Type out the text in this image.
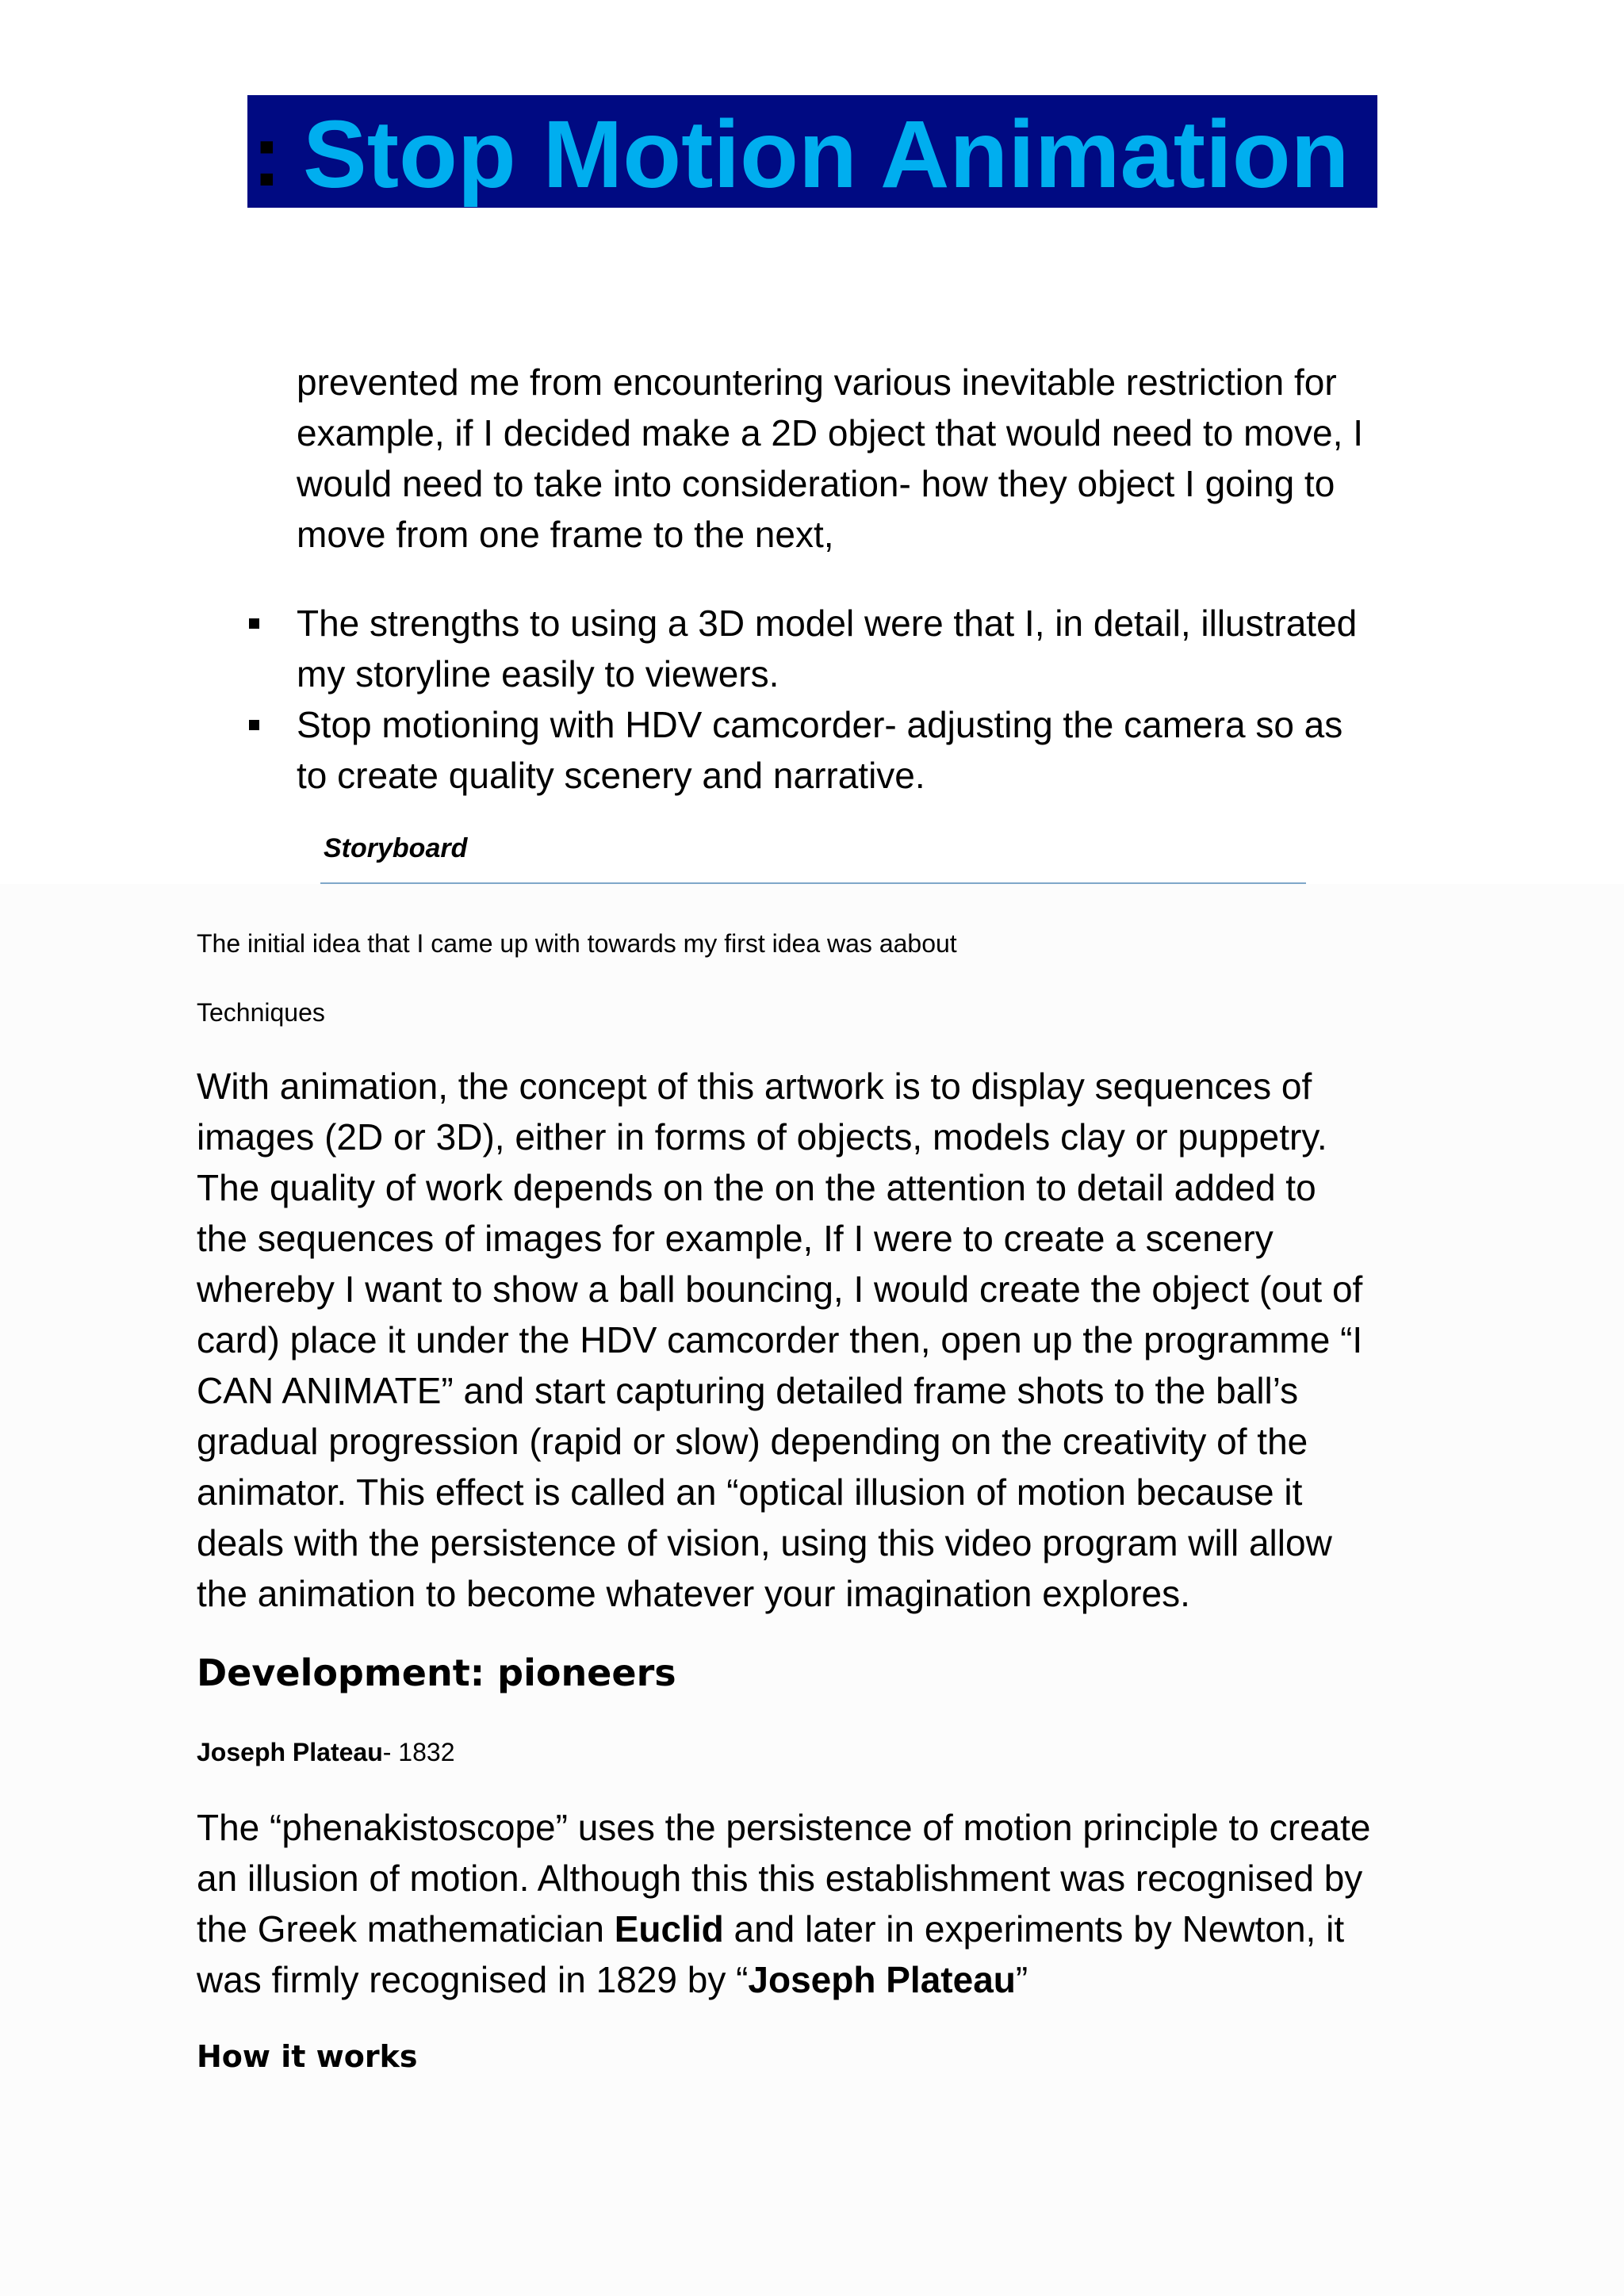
: Stop Motion Animation
prevented me from encountering various inevitable restriction for
example, if I decided make a 2D object that would need to move, I
would need to take into consideration- how they object I going to
move from one frame to the next,
The strengths to using a 3D model were that I, in detail, illustrated
my storyline easily to viewers.
Stop motioning with HDV camcorder- adjusting the camera so as
to create quality scenery and narrative.
Storyboard

The initial idea that I came up with towards my first idea was aabout

Techniques

With animation, the concept of this artwork is to display sequences of
images (2D or 3D), either in forms of objects, models clay or puppetry.
The quality of work depends on the on the attention to detail added to
the sequences of images for example, If I were to create a scenery
whereby I want to show a ball bouncing, I would create the object (out of
card) place it under the HDV camcorder then, open up the programme “I
CAN ANIMATE” and start capturing detailed frame shots to the ball’s
gradual progression (rapid or slow) depending on the creativity of the
animator. This effect is called an “optical illusion of motion because it
deals with the persistence of vision, using this video program will allow
the animation to become whatever your imagination explores.
Development: pioneers

Joseph Plateau- 1832

The “phenakistoscope” uses the persistence of motion principle to create
an illusion of motion. Although this this establishment was recognised by
the Greek mathematician Euclid and later in experiments by Newton, it
was firmly recognised in 1829 by “Joseph Plateau”
How it works
